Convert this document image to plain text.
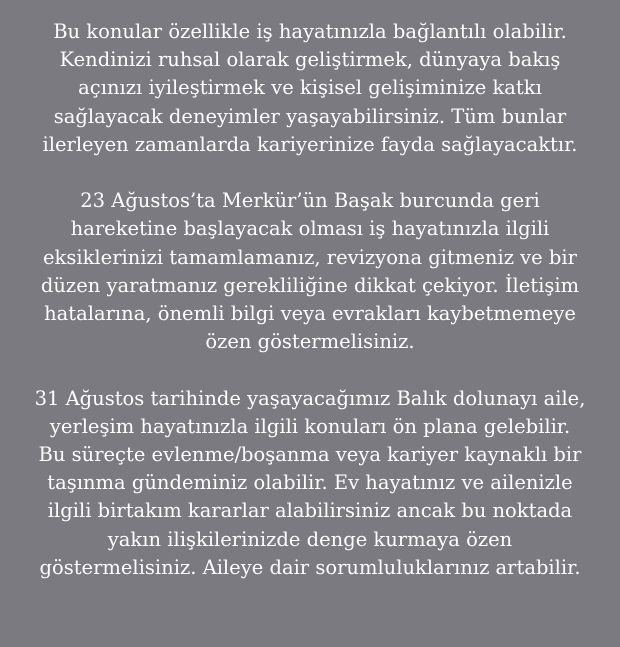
Bu konular özellikle iş hayatınızla bağlantılı olabilir.
Kendinizi ruhsal olarak geliştirmek, dünyaya bakış
açınızı iyileştirmek ve kişisel gelişiminize katkı
sağlayacak deneyimler yaşayabilirsiniz. Tüm bunlar
ilerleyen zamanlarda kariyerinize fayda sağlayacaktır.

23 Ağustos’ta Merkür’ün Başak burcunda geri
hareketine başlayacak olması iş hayatınızla ilgili
eksiklerinizi tamamlamanız, revizyona gitmeniz ve bir
düzen yaratmanız gerekliliğine dikkat çekiyor. İletişim
hatalarına, önemli bilgi veya evrakları kaybetmemeye
özen göstermelisiniz.

31 Ağustos tarihinde yaşayacağımız Balık dolunayı aile,
yerleşim hayatınızla ilgili konuları ön plana gelebilir.
Bu süreçte evlenme/boşanma veya kariyer kaynaklı bir
taşınma gündeminiz olabilir. Ev hayatınız ve ailenizle
ilgili birtakım kararlar alabilirsiniz ancak bu noktada
yakın ilişkilerinizde denge kurmaya özen
göstermelisiniz. Aileye dair sorumluluklarınız artabilir.
